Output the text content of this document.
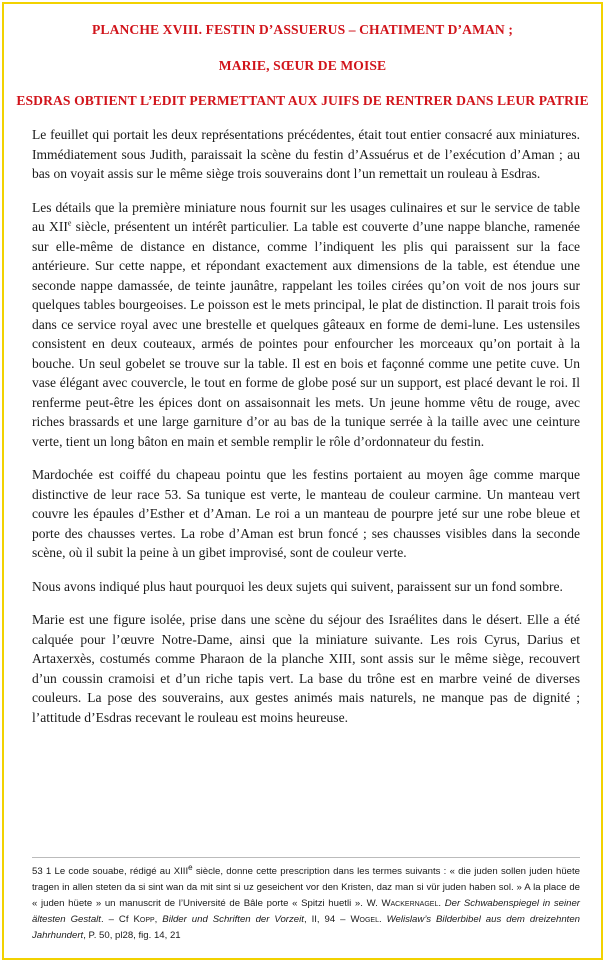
PLANCHE XVIII. FESTIN D’ASSUERUS – CHATIMENT D’AMAN ;
MARIE, SŒUR DE MOISE
ESDRAS OBTIENT L’EDIT PERMETTANT AUX JUIFS DE RENTRER DANS LEUR PATRIE

Le feuillet qui portait les deux représentations précédentes, était tout entier consacré aux miniatures. Immédiatement sous Judith, paraissait la scène du festin d’Assuérus et de l’exécution d’Aman ; au bas on voyait assis sur le même siège trois souverains dont l’un remettait un rouleau à Esdras.

Les détails que la première miniature nous fournit sur les usages culinaires et sur le service de table au XIIe siècle, présentent un intérêt particulier. La table est couverte d’une nappe blanche, ramenée sur elle-même de distance en distance, comme l’indiquent les plis qui paraissent sur la face antérieure. Sur cette nappe, et répondant exactement aux dimensions de la table, est étendue une seconde nappe damassée, de teinte jaunâtre, rappelant les toiles cirées qu’on voit de nos jours sur quelques tables bourgeoises. Le poisson est le mets principal, le plat de distinction. Il parait trois fois dans ce service royal avec une brestelle et quelques gâteaux en forme de demi-lune. Les ustensiles consistent en deux couteaux, armés de pointes pour enfourcher les morceaux qu’on portait à la bouche. Un seul gobelet se trouve sur la table. Il est en bois et façonné comme une petite cuve. Un vase élégant avec couvercle, le tout en forme de globe posé sur un support, est placé devant le roi. Il renferme peut-être les épices dont on assaisonnait les mets. Un jeune homme vêtu de rouge, avec riches brassards et une large garniture d’or au bas de la tunique serrée à la taille avec une ceinture verte, tient un long bâton en main et semble remplir le rôle d’ordonnateur du festin.

Mardochée est coiffé du chapeau pointu que les festins portaient au moyen âge comme marque distinctive de leur race 53. Sa tunique est verte, le manteau de couleur carmine. Un manteau vert couvre les épaules d’Esther et d’Aman. Le roi a un manteau de pourpre jeté sur une robe bleue et porte des chausses vertes. La robe d’Aman est brun foncé ; ses chausses visibles dans la seconde scène, où il subit la peine à un gibet improvisé, sont de couleur verte.

Nous avons indiqué plus haut pourquoi les deux sujets qui suivent, paraissent sur un fond sombre.

Marie est une figure isolée, prise dans une scène du séjour des Israélites dans le désert. Elle a été calquée pour l’œuvre Notre-Dame, ainsi que la miniature suivante. Les rois Cyrus, Darius et Artaxerxès, costumés comme Pharaon de la planche XIII, sont assis sur le même siège, recouvert d’un coussin cramoisi et d’un riche tapis vert. La base du trône est en marbre veiné de diverses couleurs. La pose des souverains, aux gestes animés mais naturels, ne manque pas de dignité ; l’attitude d’Esdras recevant le rouleau est moins heureuse.

53 1 Le code souabe, rédigé au XIIIe siècle, donne cette prescription dans les termes suivants : « die juden sollen juden hüete tragen in allen steten da si sint wan da mit sint si uz geseichent vor den Kristen, daz man si vür juden haben sol. » A la place de « juden hüete » un manuscrit de l’Université de Bâle porte « Spitzi huetli ». W. Wackernagel. Der Schwabenspiegel in seiner ältesten Gestalt. – Cf Kopp, Bilder und Schriften der Vorzeit, II, 94 – Wogel. Welislaw’s Bilderbibel aus dem dreizehnten Jahrhundert, P. 50, pl28, fig. 14, 21
